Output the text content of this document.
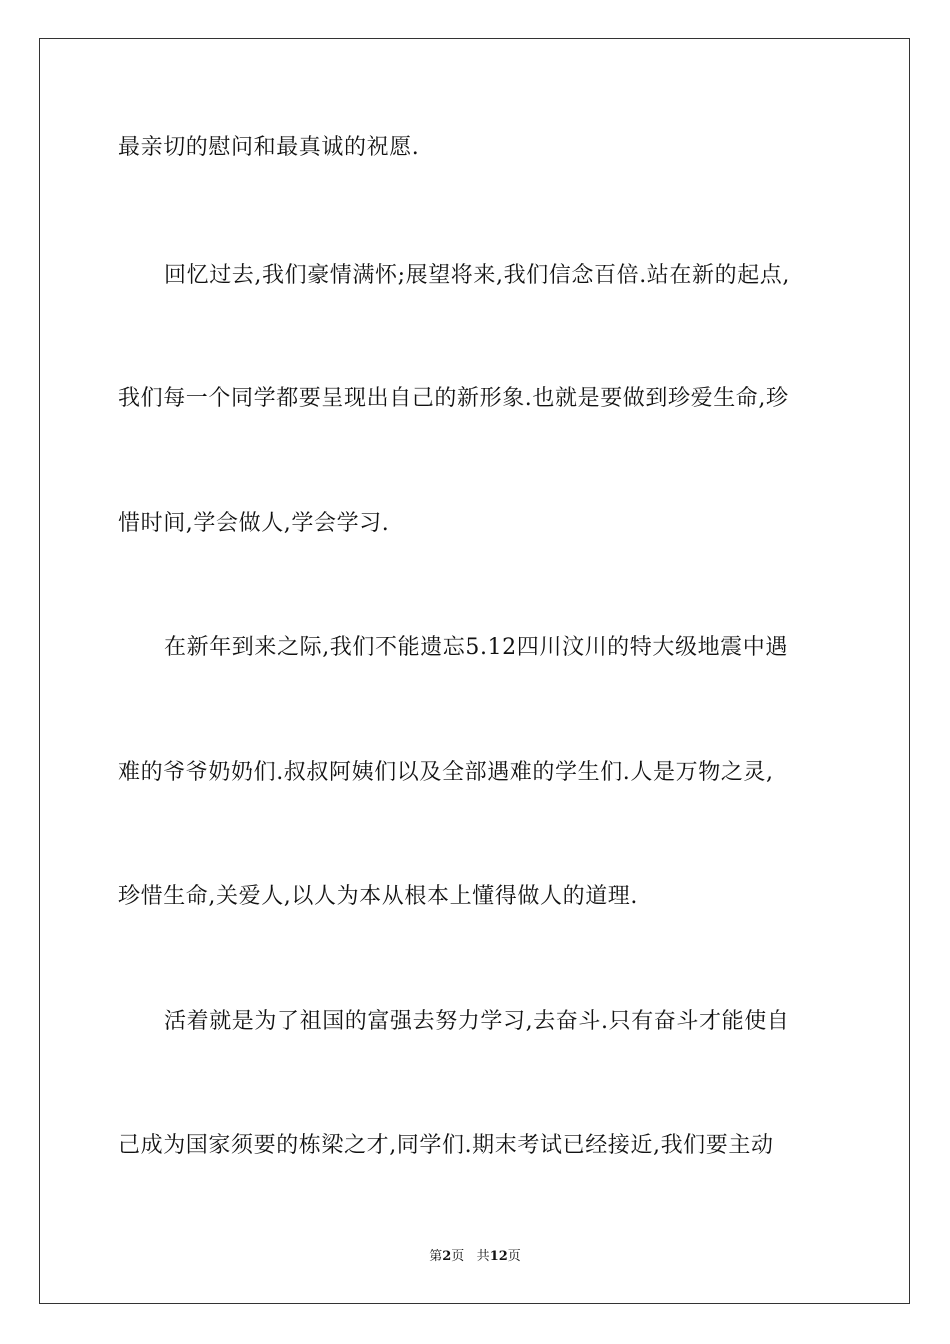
最亲切的慰问和最真诚的祝愿.
回忆过去,我们豪情满怀;展望将来,我们信念百倍.站在新的起点,
我们每一个同学都要呈现出自己的新形象.也就是要做到珍爱生命,珍
惜时间,学会做人,学会学习.
在新年到来之际,我们不能遗忘5.12四川汶川的特大级地震中遇
难的爷爷奶奶们.叔叔阿姨们以及全部遇难的学生们.人是万物之灵,
珍惜生命,关爱人,以人为本从根本上懂得做人的道理.
活着就是为了祖国的富强去努力学习,去奋斗.只有奋斗才能使自
己成为国家须要的栋梁之才,同学们.期末考试已经接近,我们要主动
第2页 共12页
